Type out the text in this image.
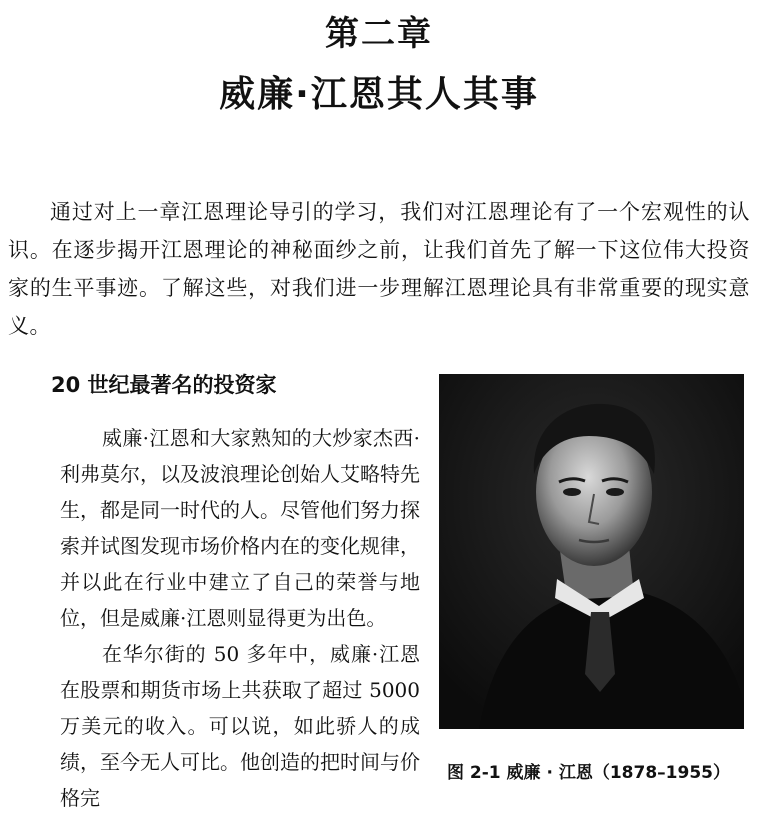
第二章
威廉·江恩其人其事

通过对上一章江恩理论导引的学习，我们对江恩理论有了一个宏观性的认识。在逐步揭开江恩理论的神秘面纱之前，让我们首先了解一下这位伟大投资家的生平事迹。了解这些，对我们进一步理解江恩理论具有非常重要的现实意义。

20 世纪最著名的投资家

威廉·江恩和大家熟知的大炒家杰西·利弗莫尔，以及波浪理论创始人艾略特先生，都是同一时代的人。尽管他们努力探索并试图发现市场价格内在的变化规律，并以此在行业中建立了自己的荣誉与地位，但是威廉·江恩则显得更为出色。

在华尔街的 50 多年中，威廉·江恩在股票和期货市场上共获取了超过 5000 万美元的收入。可以说，如此骄人的成绩，至今无人可比。他创造的把时间与价格完

图 2-1 威廉 · 江恩（1878–1955）
